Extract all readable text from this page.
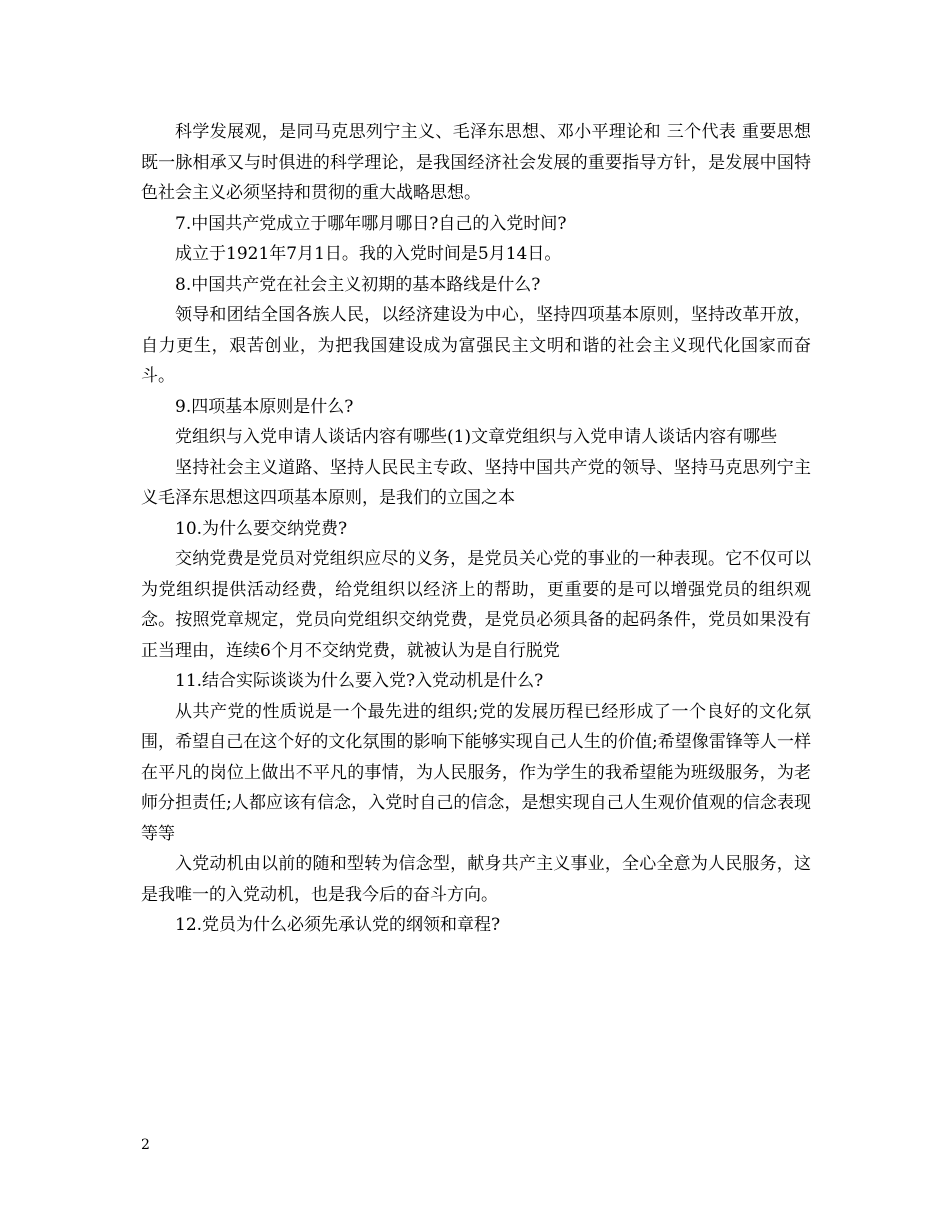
科学发展观，是同马克思列宁主义、毛泽东思想、邓小平理论和 三个代表 重要思想既一脉相承又与时俱进的科学理论，是我国经济社会发展的重要指导方针，是发展中国特色社会主义必须坚持和贯彻的重大战略思想。

7.中国共产党成立于哪年哪月哪日?自己的入党时间?

成立于1921年7月1日。我的入党时间是5月14日。

8.中国共产党在社会主义初期的基本路线是什么?

领导和团结全国各族人民，以经济建设为中心，坚持四项基本原则，坚持改革开放，自力更生，艰苦创业，为把我国建设成为富强民主文明和谐的社会主义现代化国家而奋斗。

9.四项基本原则是什么?

党组织与入党申请人谈话内容有哪些(1)文章党组织与入党申请人谈话内容有哪些

坚持社会主义道路、坚持人民民主专政、坚持中国共产党的领导、坚持马克思列宁主义毛泽东思想这四项基本原则，是我们的立国之本

10.为什么要交纳党费?

交纳党费是党员对党组织应尽的义务，是党员关心党的事业的一种表现。它不仅可以为党组织提供活动经费，给党组织以经济上的帮助，更重要的是可以增强党员的组织观念。按照党章规定，党员向党组织交纳党费，是党员必须具备的起码条件，党员如果没有正当理由，连续6个月不交纳党费，就被认为是自行脱党

11.结合实际谈谈为什么要入党?入党动机是什么?

从共产党的性质说是一个最先进的组织;党的发展历程已经形成了一个良好的文化氛围，希望自己在这个好的文化氛围的影响下能够实现自己人生的价值;希望像雷锋等人一样在平凡的岗位上做出不平凡的事情，为人民服务，作为学生的我希望能为班级服务，为老师分担责任;人都应该有信念，入党时自己的信念，是想实现自己人生观价值观的信念表现等等

入党动机由以前的随和型转为信念型，献身共产主义事业，全心全意为人民服务，这是我唯一的入党动机，也是我今后的奋斗方向。

12.党员为什么必须先承认党的纲领和章程?

2
